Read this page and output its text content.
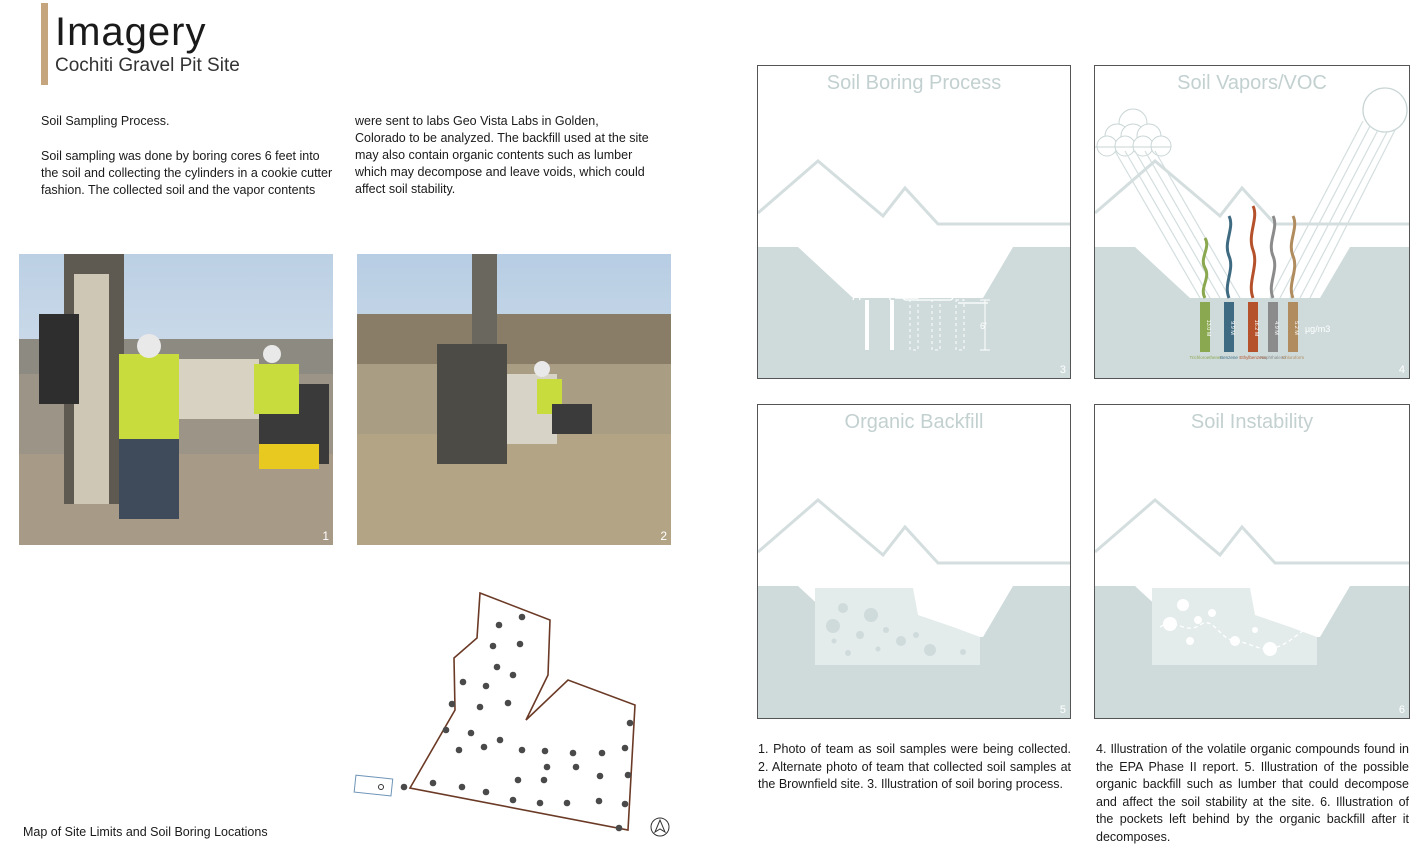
Imagery
Cochiti Gravel Pit Site

Soil Sampling Process.

Soil sampling was done by boring cores 6 feet into the soil and collecting the cylinders in a cookie cutter fashion. The collected soil and the vapor contents

were sent to labs Geo Vista Labs in Golden, Colorado to be analyzed. The backfill used at the site may also contain organic contents such as lumber which may decompose and leave voids, which could affect soil stability.

1	2
Map of Site Limits and Soil Boring Locations
6'
Soil Boring Process
3
13.0 M
Trichloroethene
9.9 M
Benzene
16.2 M
Ethylbenzene
4.9 M
Naphthalene
5.2 M
Chloroform
µg/m3
Soil Vapors/VOC
4
Organic Backfill
5
Soil Instability
6
1. Photo of team as soil samples were being collected. 2. Alternate photo of team that collected soil samples at the Brownfield site. 3. Illustration of soil boring process.
4. Illustration of the volatile organic compounds found in the EPA Phase II report. 5. Illustration of the possible organic backfill such as lumber that could decompose and affect the soil stability at the site. 6. Illustration of the pockets left behind by the organic backfill after it decomposes.
